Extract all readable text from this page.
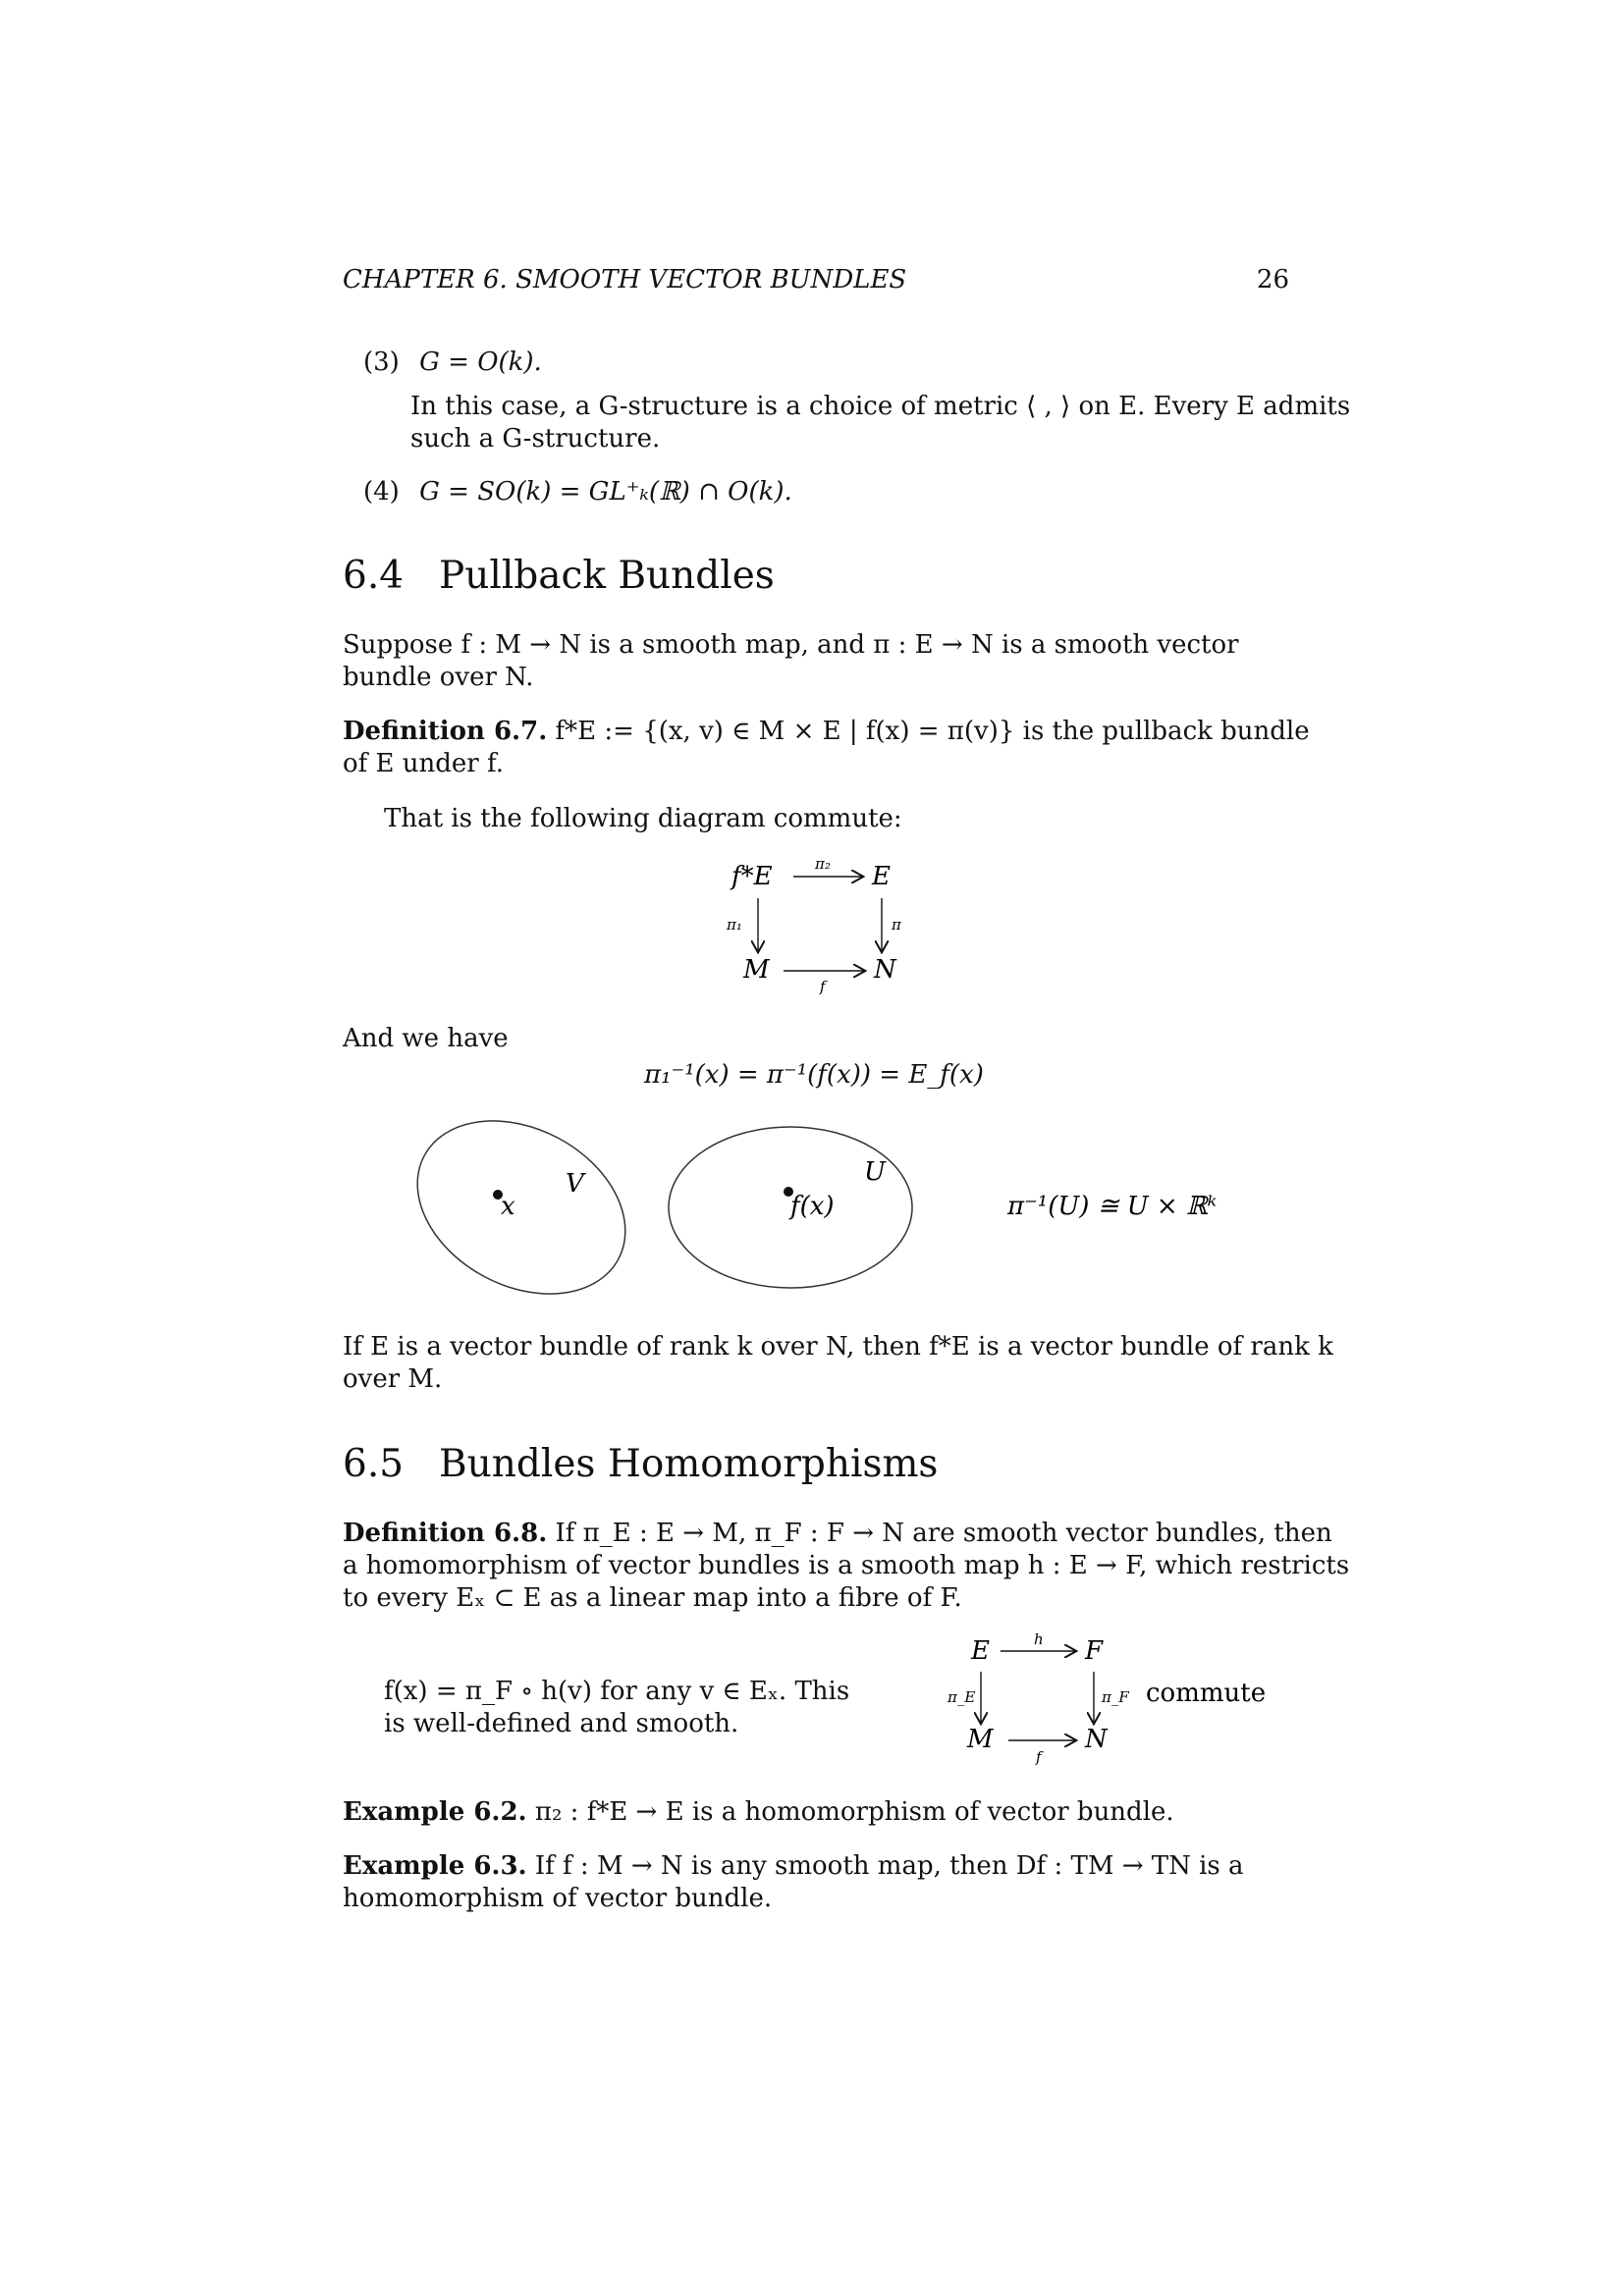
CHAPTER 6. SMOOTH VECTOR BUNDLES	26
(3) G = O(k).
In this case, a G-structure is a choice of metric ⟨ , ⟩ on E. Every E admits
such a G-structure.
(4) G = SO(k) = GL⁺ₖ(ℝ) ∩ O(k).
6.4 Pullback Bundles
Suppose f : M → N is a smooth map, and π : E → N is a smooth vector
bundle over N.
Definition 6.7. f*E := {(x, v) ∈ M × E | f(x) = π(v)} is the pullback bundle
of E under f.
That is the following diagram commute:
f*E	E
M	N
π₂
π₁	π
f
And we have
π₁⁻¹(x) = π⁻¹(f(x)) = E_f(x)
x
V
f(x)
U
π⁻¹(U) ≅ U × ℝᵏ
If E is a vector bundle of rank k over N, then f*E is a vector bundle of rank k
over M.
6.5 Bundles Homomorphisms
Definition 6.8. If π_E : E → M, π_F : F → N are smooth vector bundles, then
a homomorphism of vector bundles is a smooth map h : E → F, which restricts
to every Eₓ ⊂ E as a linear map into a fibre of F.
f(x) = π_F ∘ h(v) for any v ∈ Eₓ. This
is well-defined and smooth.
E	F
M	N
h
π_E	π_F
f
commute
Example 6.2. π₂ : f*E → E is a homomorphism of vector bundle.
Example 6.3. If f : M → N is any smooth map, then Df : TM → TN is a
homomorphism of vector bundle.
